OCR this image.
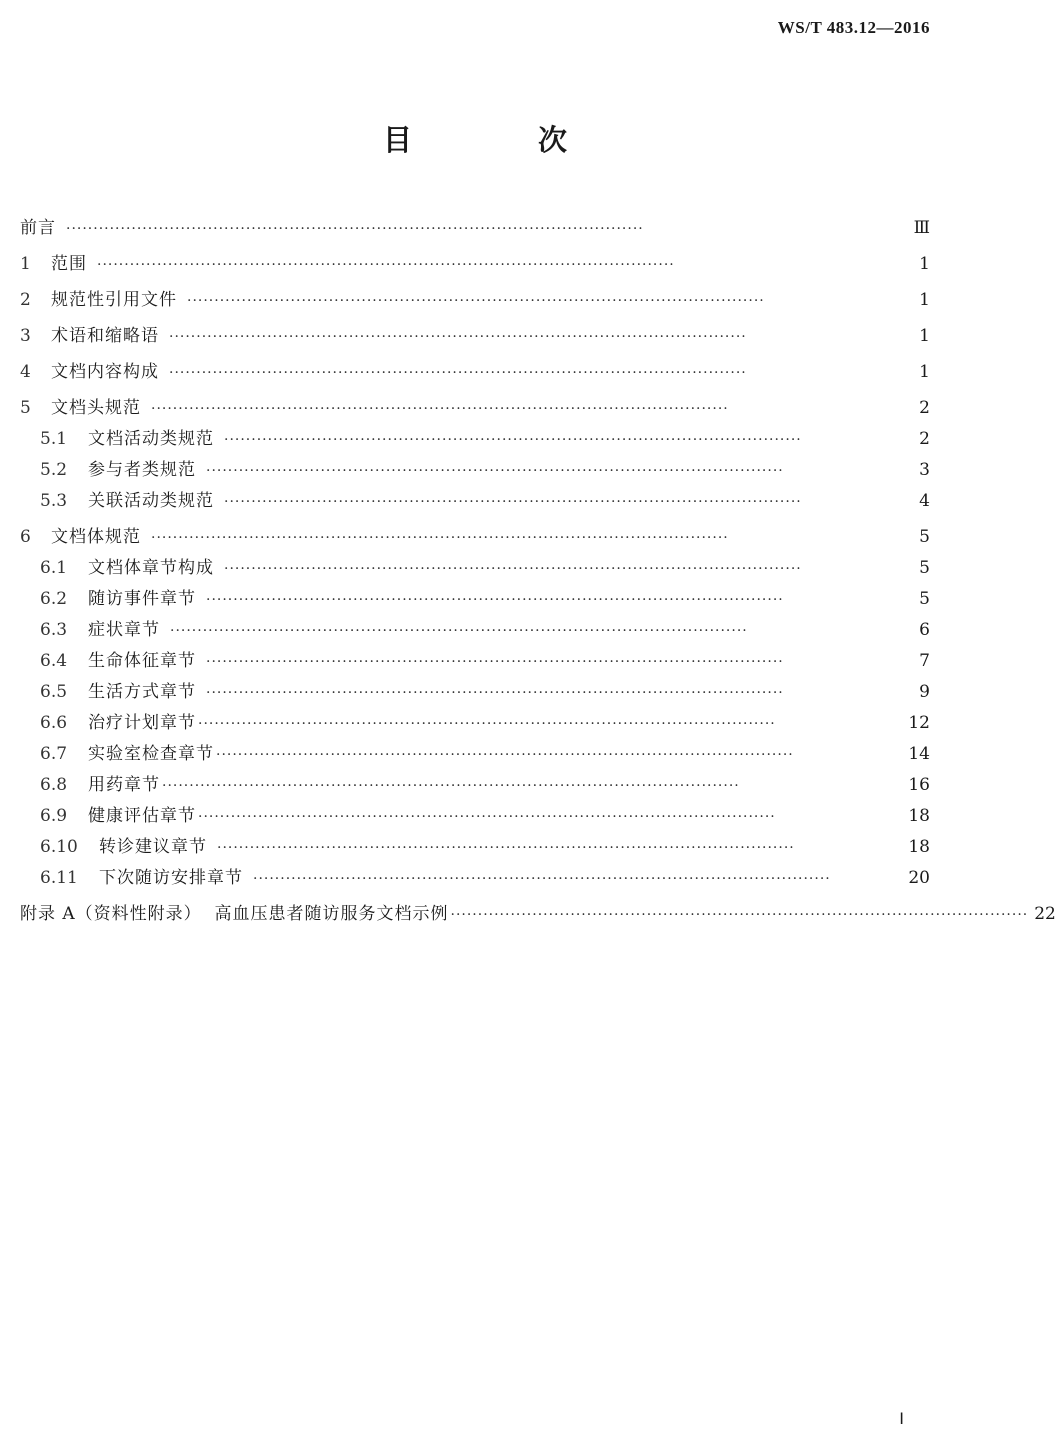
WS/T 483.12—2016
目 次
前言 ··········································································································	Ⅲ
1	范围 ··········································································································	1
2	规范性引用文件 ··········································································································	1
3	术语和缩略语 ··········································································································	1
4	文档内容构成 ··········································································································	1
5	文档头规范 ··········································································································	2
5.1	文档活动类规范 ··········································································································	2
5.2	参与者类规范 ··········································································································	3
5.3	关联活动类规范 ··········································································································	4
6	文档体规范 ··········································································································	5
6.1	文档体章节构成 ··········································································································	5
6.2	随访事件章节 ··········································································································	5
6.3	症状章节 ··········································································································	6
6.4	生命体征章节 ··········································································································	7
6.5	生活方式章节 ··········································································································	9
6.6	治疗计划章节 ··········································································································	12
6.7	实验室检查章节 ··········································································································	14
6.8	用药章节 ··········································································································	16
6.9	健康评估章节 ··········································································································	18
6.10	转诊建议章节 ··········································································································	18
6.11	下次随访安排章节 ··········································································································	20
附录 A（资料性附录）  高血压患者随访服务文档示例 ·········································································································· 22
Ⅰ
